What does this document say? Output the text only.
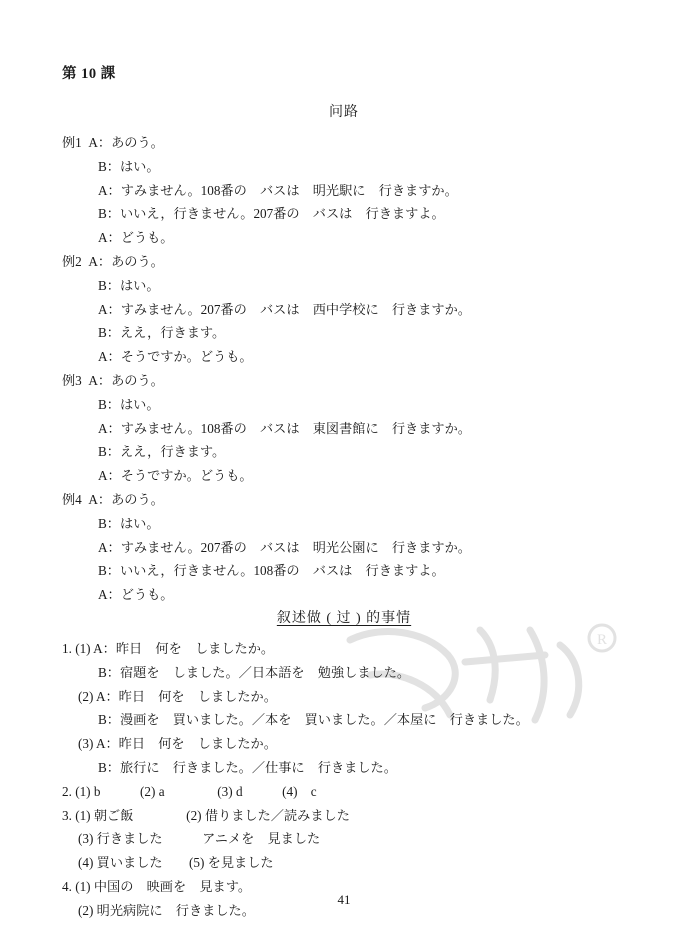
R
第 10 課
问路
例1  A：あのう。
B：はい。
A：すみません。108番の　バスは　明光駅に　行きますか。
B：いいえ，行きません。207番の　バスは　行きますよ。
A：どうも。
例2  A：あのう。
B：はい。
A：すみません。207番の　バスは　西中学校に　行きますか。
B：ええ，行きます。
A：そうですか。どうも。
例3  A：あのう。
B：はい。
A：すみません。108番の　バスは　東図書館に　行きますか。
B：ええ，行きます。
A：そうですか。どうも。
例4  A：あのう。
B：はい。
A：すみません。207番の　バスは　明光公園に　行きますか。
B：いいえ，行きません。108番の　バスは　行きますよ。
A：どうも。
叙述做 ( 过 ) 的事情
1. (1) A：昨日　何を　しましたか。
B：宿題を　しました。／日本語を　勉強しました。
(2) A：昨日　何を　しましたか。
B：漫画を　買いました。／本を　買いました。／本屋に　行きました。
(3) A：昨日　何を　しましたか。
B：旅行に　行きました。／仕事に　行きました。
2. (1) b　　　(2) a　　　　(3) d　　　(4)　c
3. (1) 朝ご飯　　　　(2) 借りました／読みました
(3) 行きました　　　アニメを　見ました
(4) 買いました　　(5) を見ました
4. (1) 中国の　映画を　見ます。
(2) 明光病院に　行きました。
41
